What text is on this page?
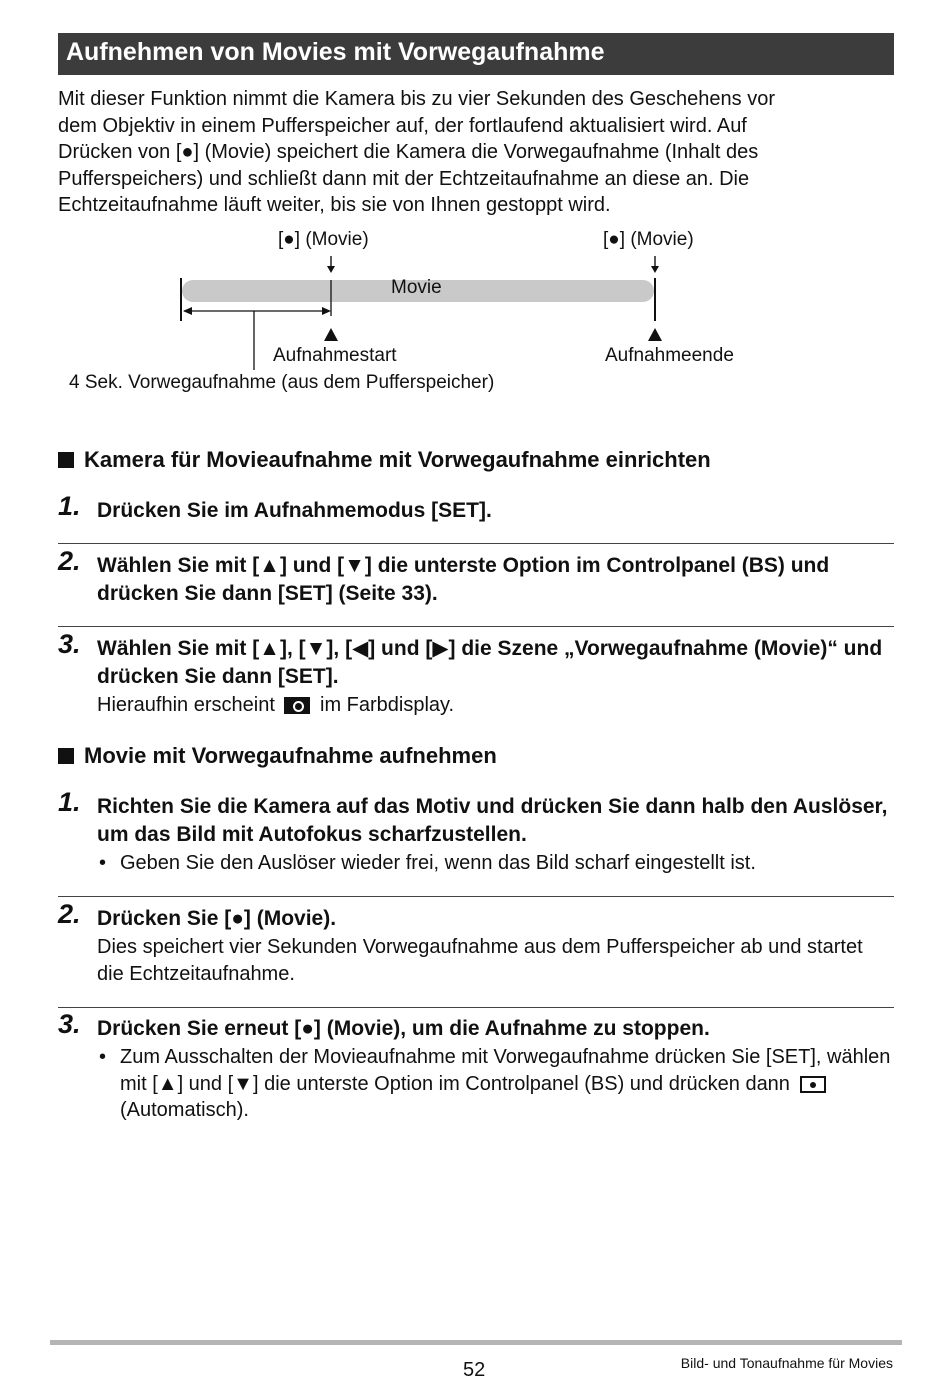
Aufnehmen von Movies mit Vorwegaufnahme
Mit dieser Funktion nimmt die Kamera bis zu vier Sekunden des Geschehens vor
dem Objektiv in einem Pufferspeicher auf, der fortlaufend aktualisiert wird. Auf
Drücken von [●] (Movie) speichert die Kamera die Vorwegaufnahme (Inhalt des
Pufferspeichers) und schließt dann mit der Echtzeitaufnahme an diese an. Die
Echtzeitaufnahme läuft weiter, bis sie von Ihnen gestoppt wird.
[●] (Movie)	[●] (Movie)
Movie
Aufnahmestart	Aufnahmeende
4 Sek. Vorwegaufnahme (aus dem Pufferspeicher)
Kamera für Movieaufnahme mit Vorwegaufnahme einrichten
1. Drücken Sie im Aufnahmemodus [SET].
2. Wählen Sie mit [▲] und [▼] die unterste Option im Controlpanel (BS) und drücken Sie dann [SET] (Seite 33).
3. Wählen Sie mit [▲], [▼], [◀] und [▶] die Szene „Vorwegaufnahme (Movie)“ und drücken Sie dann [SET].
Hieraufhin erscheint im Farbdisplay.
Movie mit Vorwegaufnahme aufnehmen
1. Richten Sie die Kamera auf das Motiv und drücken Sie dann halb den Auslöser, um das Bild mit Autofokus scharfzustellen.
• Geben Sie den Auslöser wieder frei, wenn das Bild scharf eingestellt ist.
2. Drücken Sie [●] (Movie).
Dies speichert vier Sekunden Vorwegaufnahme aus dem Pufferspeicher ab und startet die Echtzeitaufnahme.
3. Drücken Sie erneut [●] (Movie), um die Aufnahme zu stoppen.
• Zum Ausschalten der Movieaufnahme mit Vorwegaufnahme drücken Sie [SET], wählen mit [▲] und [▼] die unterste Option im Controlpanel (BS) und drücken dann  (Automatisch).
52	Bild- und Tonaufnahme für Movies
